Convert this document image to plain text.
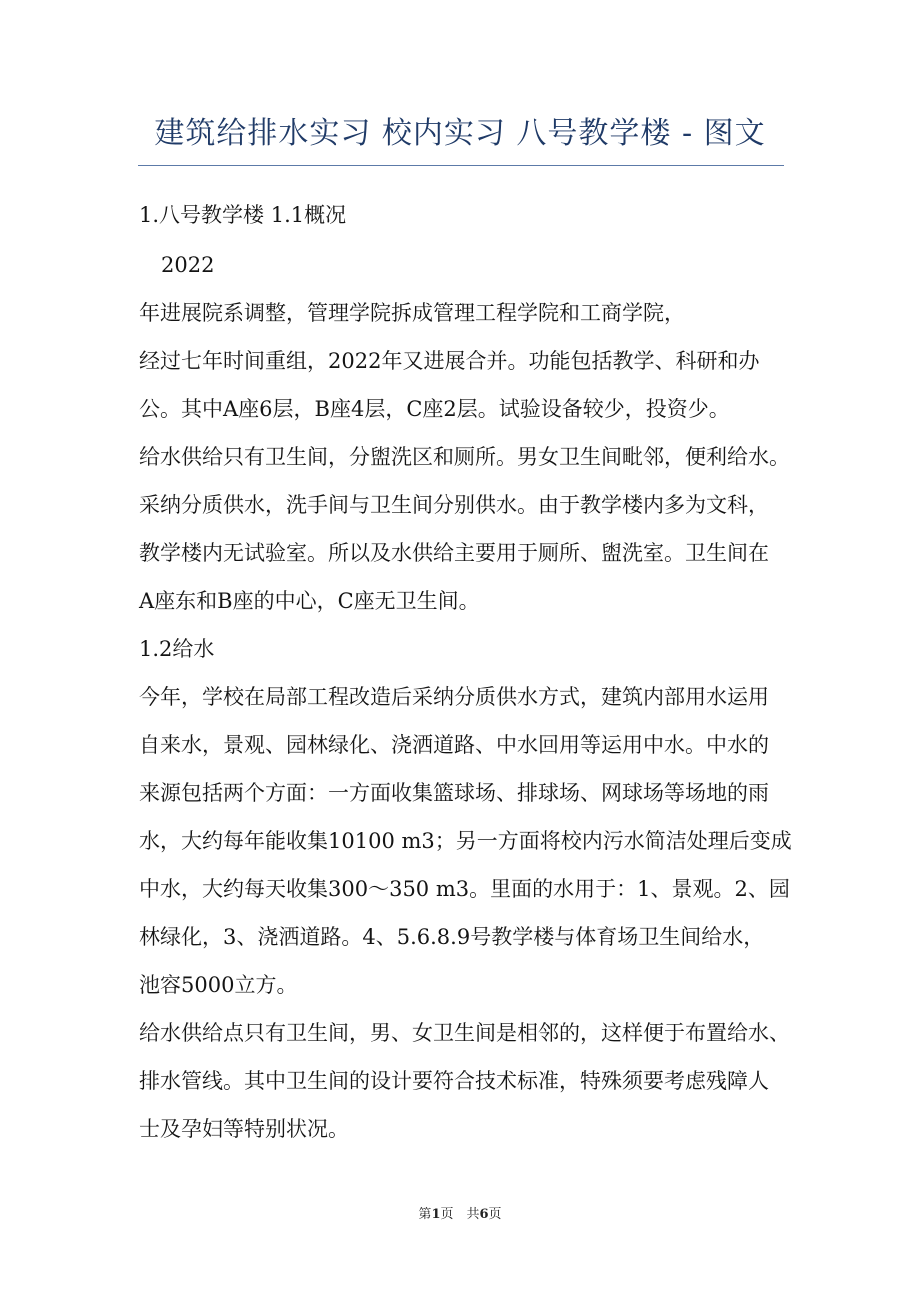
建筑给排水实习 校内实习 八号教学楼 - 图文
1.八号教学楼 1.1概况
2022
年进展院系调整，管理学院拆成管理工程学院和工商学院，
经过七年时间重组，2022年又进展合并。功能包括教学、科研和办
公。其中A座6层，B座4层，C座2层。试验设备较少，投资少。
给水供给只有卫生间，分盥洗区和厕所。男女卫生间毗邻，便利给水。
采纳分质供水，洗手间与卫生间分别供水。由于教学楼内多为文科，
教学楼内无试验室。所以及水供给主要用于厕所、盥洗室。卫生间在
A座东和B座的中心，C座无卫生间。
1.2给水
今年，学校在局部工程改造后采纳分质供水方式，建筑内部用水运用
自来水，景观、园林绿化、浇洒道路、中水回用等运用中水。中水的
来源包括两个方面：一方面收集篮球场、排球场、网球场等场地的雨
水，大约每年能收集10100 m3；另一方面将校内污水简洁处理后变成
中水，大约每天收集300～350 m3。里面的水用于：1、景观。2、园
林绿化，3、浇洒道路。4、5.6.8.9号教学楼与体育场卫生间给水，
池容5000立方。
给水供给点只有卫生间，男、女卫生间是相邻的，这样便于布置给水、
排水管线。其中卫生间的设计要符合技术标准，特殊须要考虑残障人
士及孕妇等特别状况。
第1页　共6页
